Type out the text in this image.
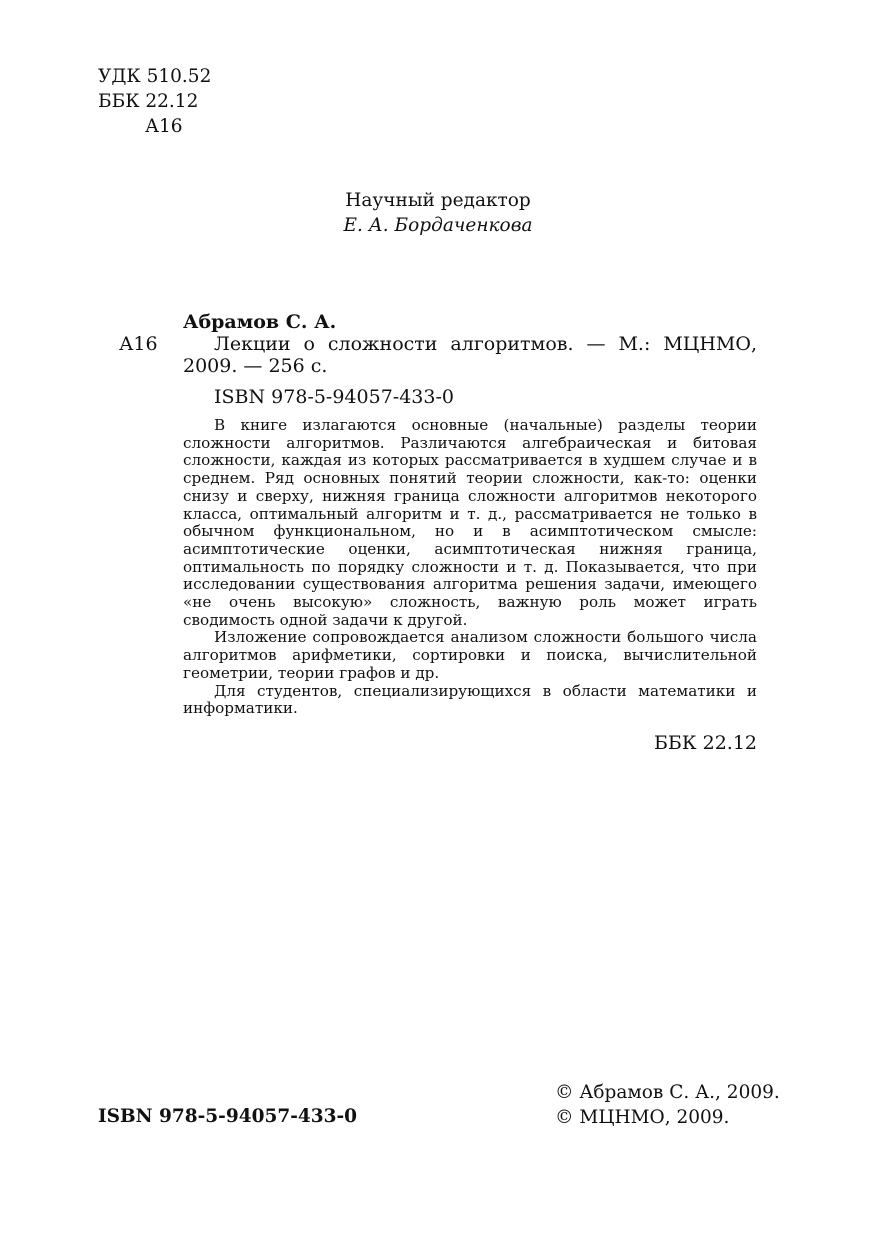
УДК 510.52
ББК 22.12
А16
Научный редактор
Е. А. Бордаченкова
А16
Абрамов С. А.
Лекции о сложности алгоритмов. — М.: МЦНМО, 2009. — 256 с.
ISBN 978-5-94057-433-0

В книге излагаются основные (начальные) разделы теории сложности алгоритмов. Различаются алгебраическая и битовая сложности, каждая из которых рассматривается в худшем случае и в среднем. Ряд основных понятий теории сложности, как-то: оценки снизу и сверху, нижняя граница сложности алгоритмов некоторого класса, оптимальный алгоритм и т. д., рассматривается не только в обычном функциональном, но и в асимптотическом смысле: асимптотические оценки, асимптотическая нижняя граница, оптимальность по порядку сложности и т. д. Показывается, что при исследовании существования алгоритма решения задачи, имеющего «не очень высокую» сложность, важную роль может играть сводимость одной задачи к другой.

Изложение сопровождается анализом сложности большого числа алгоритмов арифметики, сортировки и поиска, вычислительной геометрии, теории графов и др.

Для студентов, специализирующихся в области математики и информатики.

ББК 22.12
ISBN 978-5-94057-433-0
© Абрамов С. А., 2009.
© МЦНМО, 2009.
